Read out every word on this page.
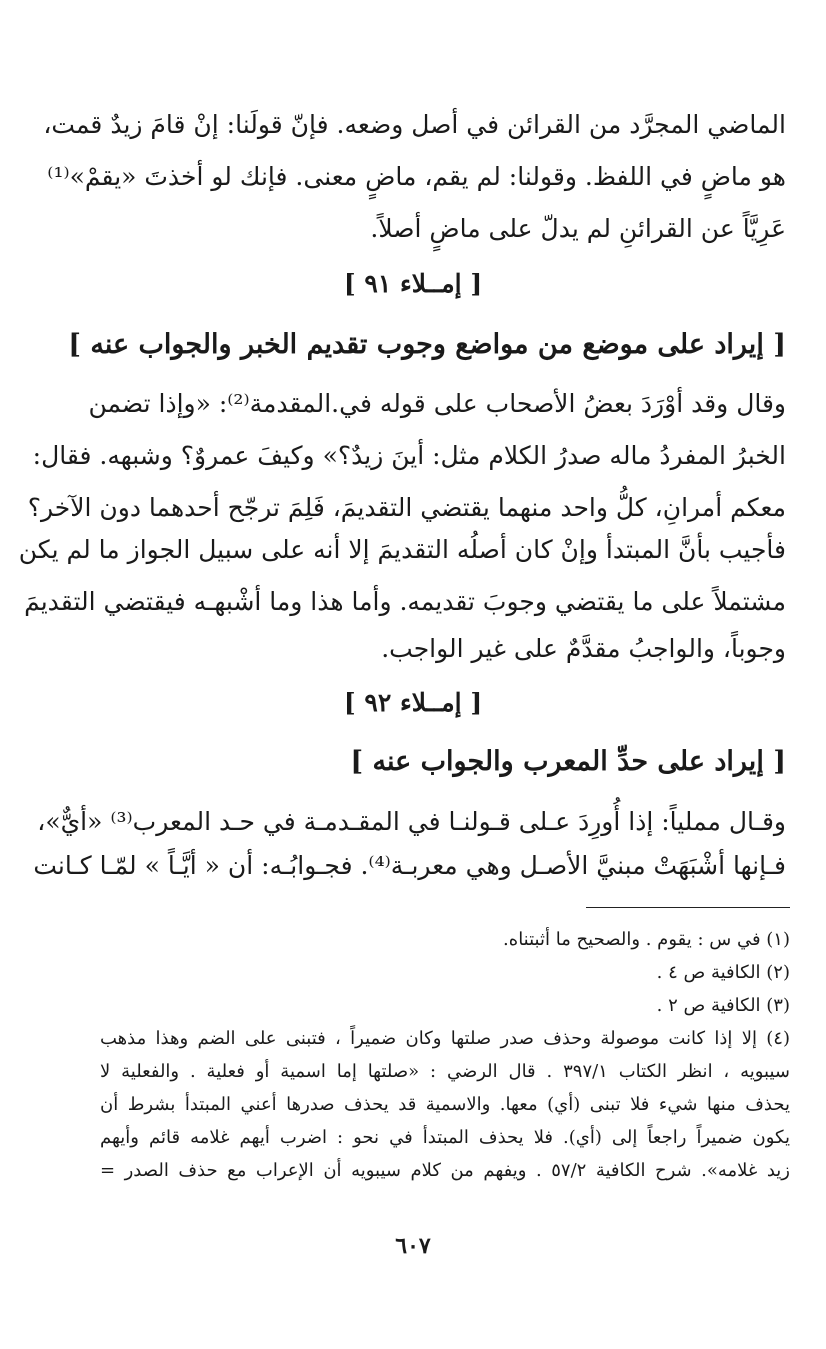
الماضي المجرَّد من القرائن في أصل وضعه. فإنّ قولَنا: إنْ قامَ زيدٌ قمت،
هو ماضٍ في اللفظ. وقولنا: لم يقم، ماضٍ معنى. فإنك لو أخذتَ «يقمْ»⁽¹⁾
عَرِيَّاً عن القرائنِ لم يدلّ على ماضٍ أصلاً.
[ إمــلاء ٩١ ]
[ إيراد على موضع من مواضع وجوب تقديم الخبر والجواب عنه ]
وقال وقد أوْرَدَ بعضُ الأصحاب على قوله في.المقدمة⁽²⁾: «وإذا تضمن
الخبرُ المفردُ ماله صدرُ الكلام مثل: أينَ زيدٌ؟» وكيفَ عمروٌ؟ وشبهه. فقال:
معكم أمرانِ، كلُّ واحد منهما يقتضي التقديمَ، فَلِمَ ترجّح أحدهما دون الآخر؟
فأجيب بأنَّ المبتدأ وإنْ كان أصلُه التقديمَ إلا أنه على سبيل الجواز ما لم يكن
مشتملاً على ما يقتضي وجوبَ تقديمه. وأما هذا وما أشْبهـه فيقتضي التقديمَ
وجوباً، والواجبُ مقدَّمٌ على غير الواجب.
[ إمــلاء ٩٢ ]
[ إيراد على حدِّ المعرب والجواب عنه ]
وقـال مملياً: إذا أُورِدَ عـلى قـولنـا في المقـدمـة في حـد المعرب⁽³⁾ «أيٌّ»،
فـإنها أشْبَهَتْ مبنيَّ الأصـل وهي معربـة⁽⁴⁾. فجـوابُـه: أن « أيَّـاً » لمّـا كـانت
(١) في س : يقوم . والصحيح ما أثبتناه.
(٢) الكافية ص ٤ .
(٣) الكافية ص ٢ .
(٤) إلا إذا كانت موصولة وحذف صدر صلتها وكان ضميراً ، فتبنى على الضم وهذا مذهب
سيبويه ، انظر الكتاب ٣٩٧/١ . قال الرضي : «صلتها إما اسمية أو فعلية . والفعلية لا
يحذف منها شيء فلا تبنى (أي) معها. والاسمية قد يحذف صدرها أعني المبتدأ بشرط أن
يكون ضميراً راجعاً إلى (أي). فلا يحذف المبتدأ في نحو : اضرب أيهم غلامه قائم وأيهم
زيد غلامه». شرح الكافية ٥٧/٢ . ويفهم من كلام سيبويه أن الإعراب مع حذف الصدر =
٦٠٧
